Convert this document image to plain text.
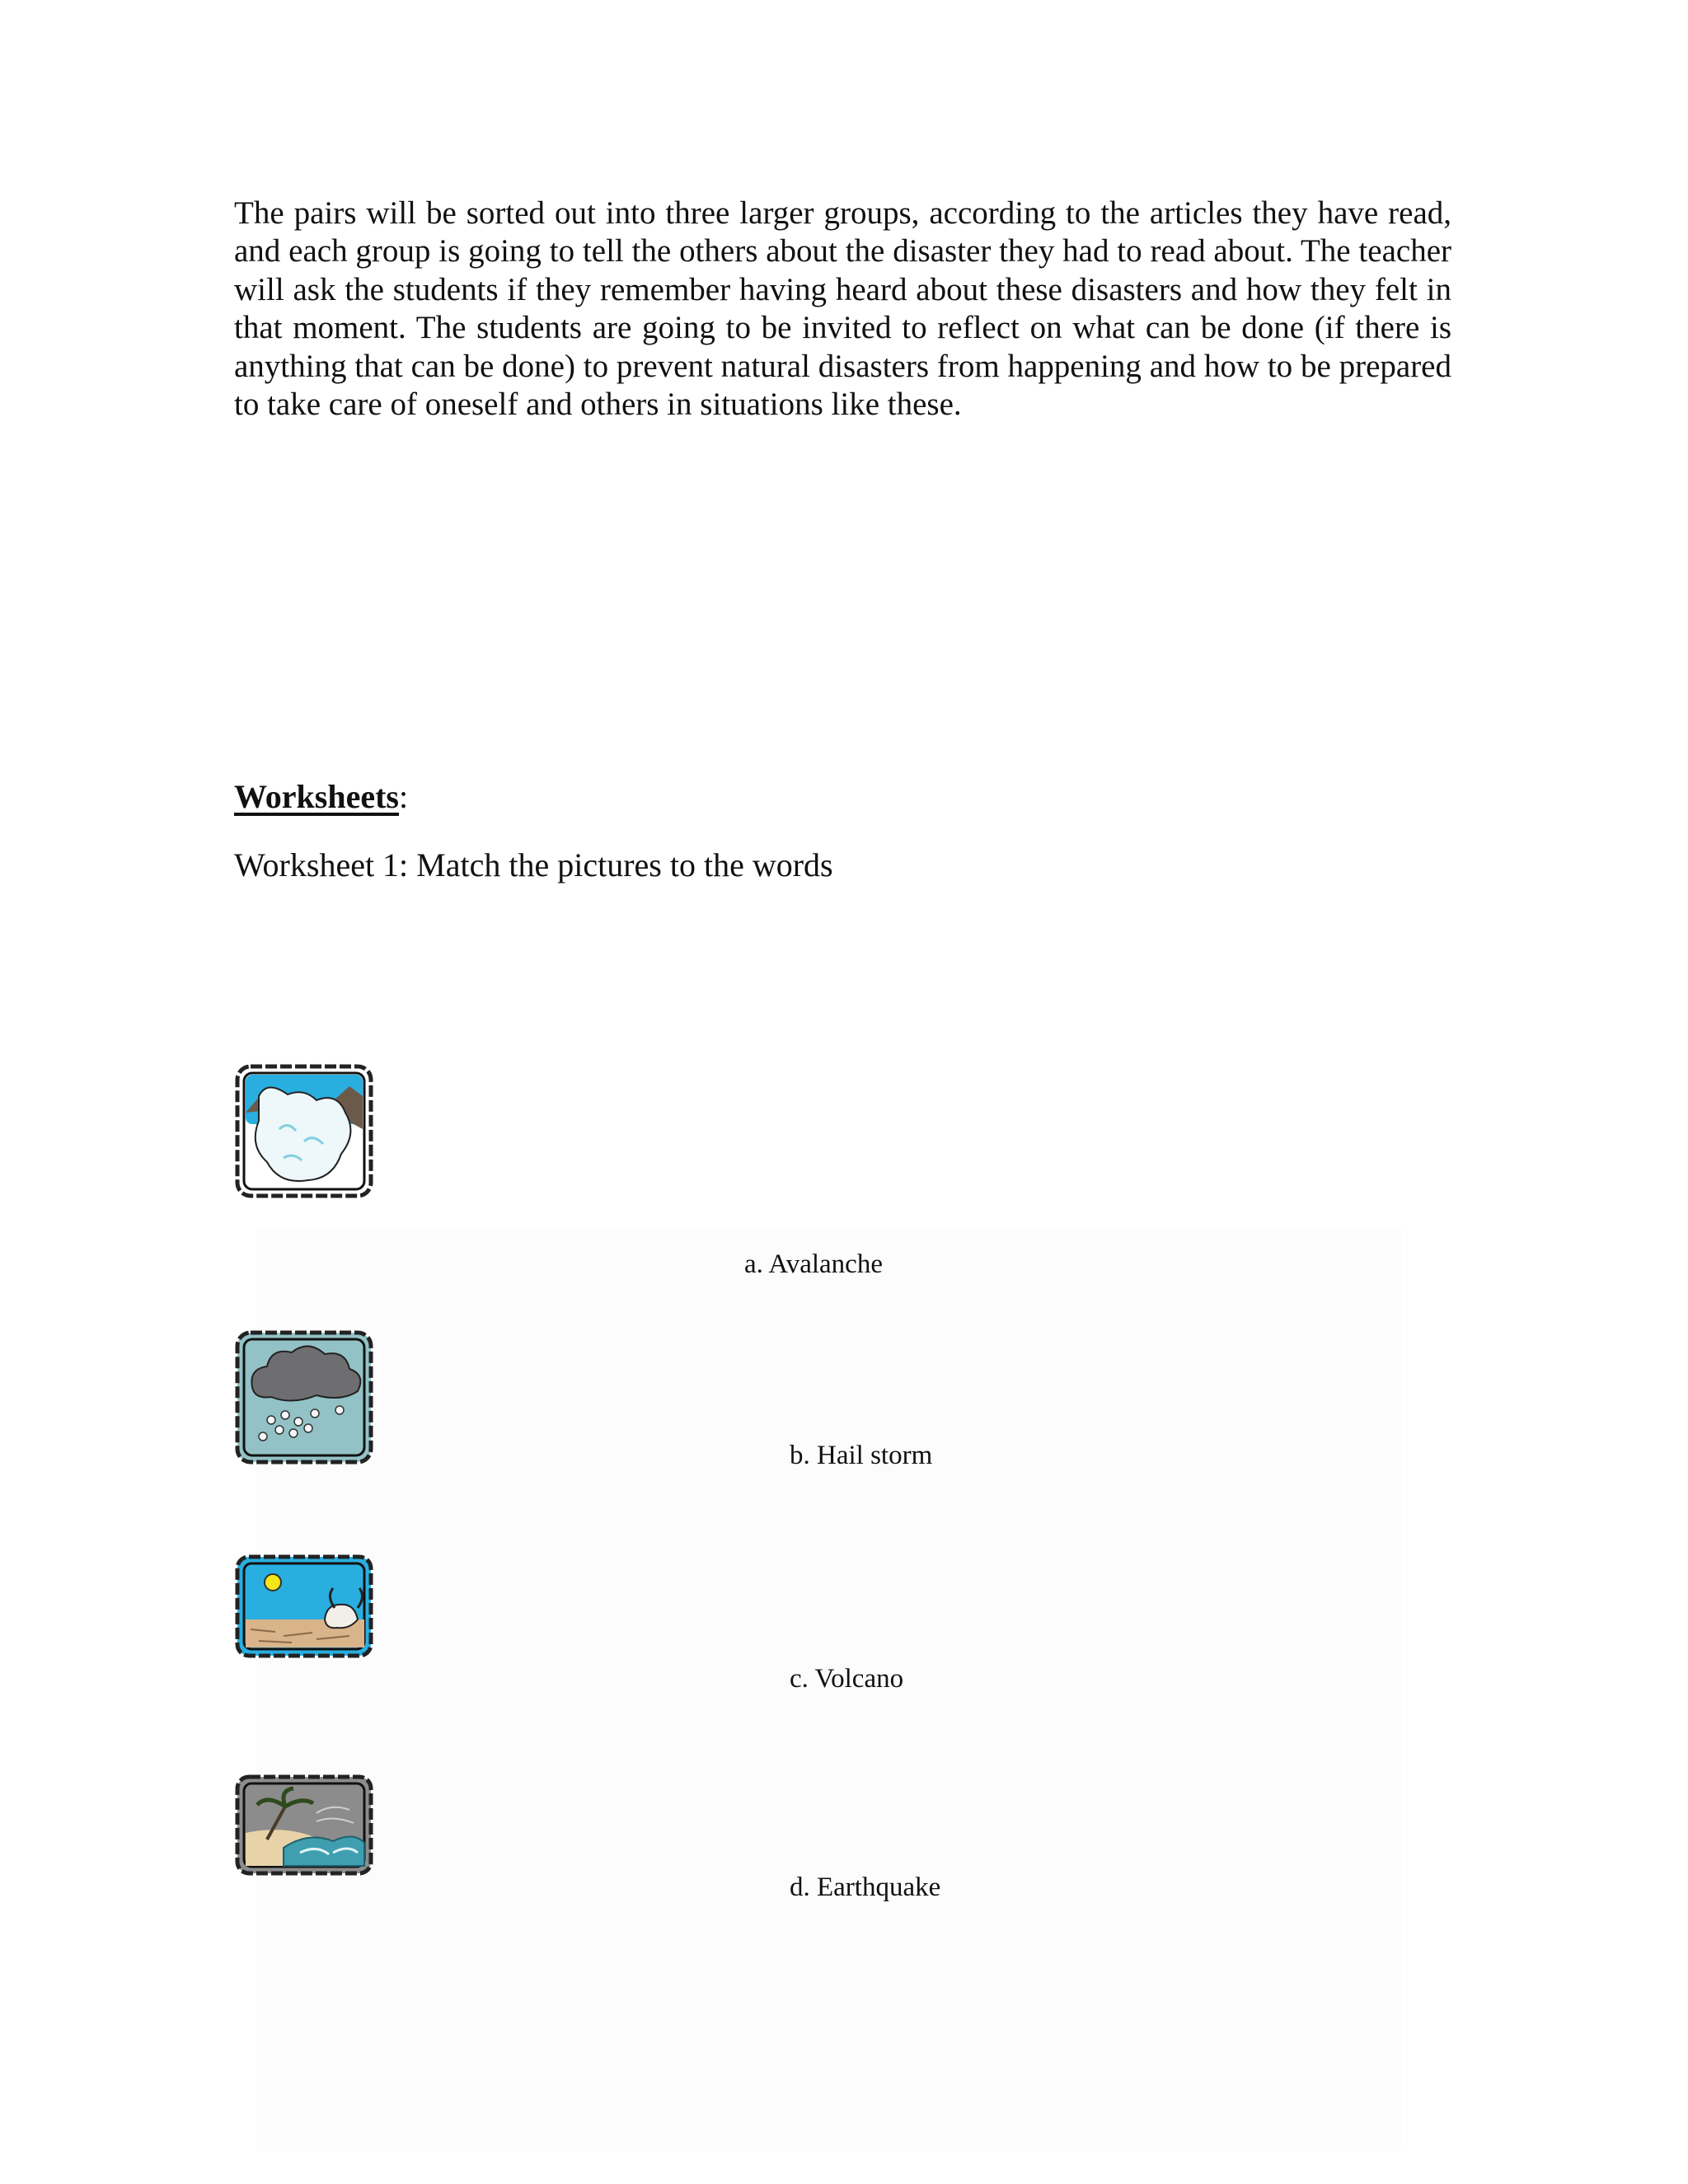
The pairs will be sorted out into three larger groups, according to the articles they have read, and each group is going to tell the others about the disaster they had to read about. The teacher will ask the students if they remember having heard about these disasters and how they felt in that moment. The students are going to be invited to reflect on what can be done (if there is anything that can be done) to prevent natural disasters from happening and how to be prepared to take care of oneself and others in situations like these.

Worksheets:

Worksheet 1: Match the pictures to the words

a. Avalanche
b. Hail storm
c. Volcano
d. Earthquake
